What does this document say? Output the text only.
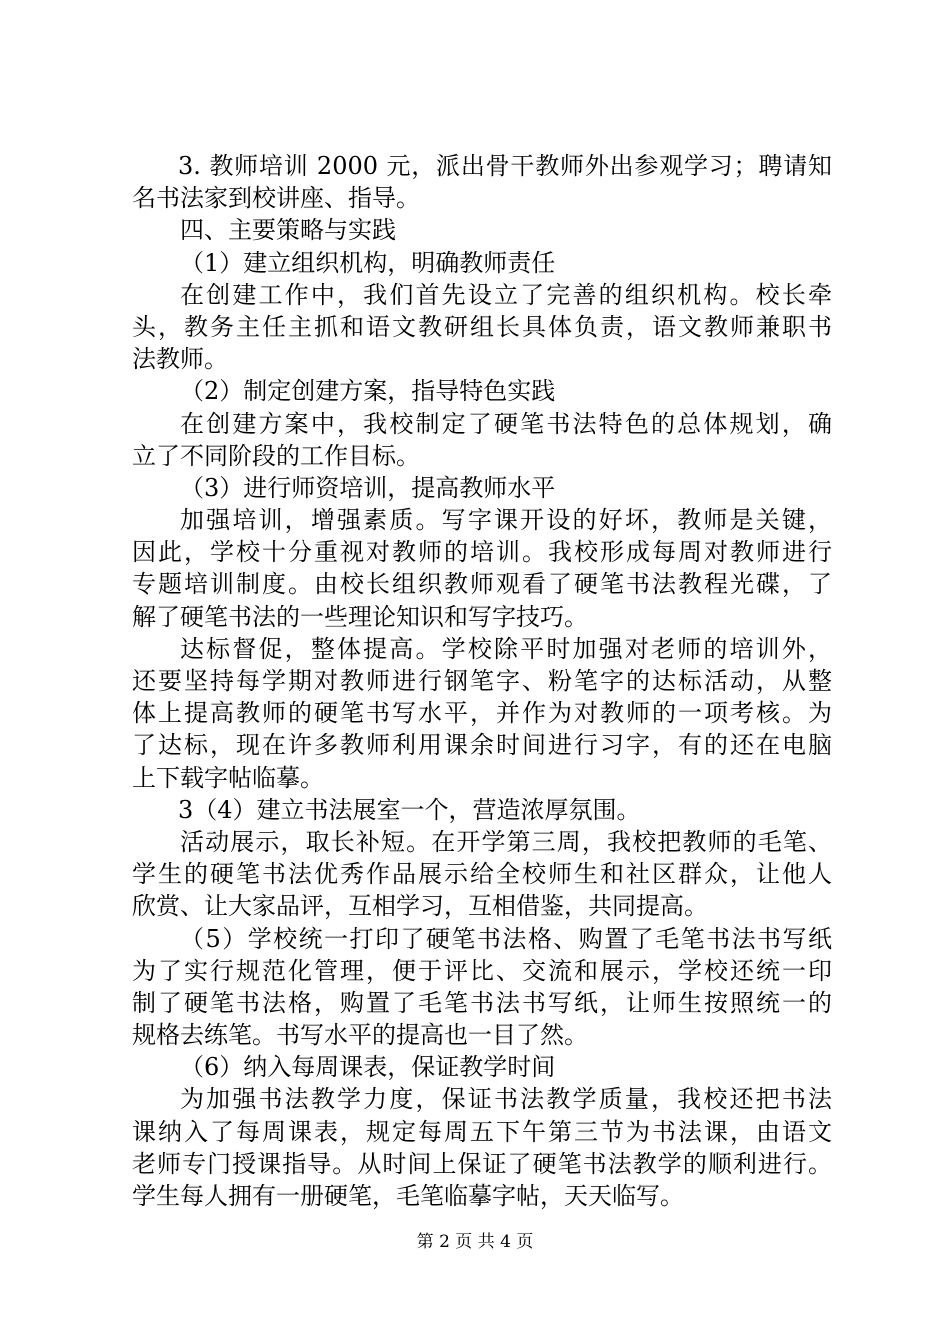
3. 教师培训 2000 元，派出骨干教师外出参观学习；聘请知
名书法家到校讲座、指导。
四、主要策略与实践
（1）建立组织机构，明确教师责任
在创建工作中，我们首先设立了完善的组织机构。校长牵
头，教务主任主抓和语文教研组长具体负责，语文教师兼职书
法教师。
（2）制定创建方案，指导特色实践
在创建方案中，我校制定了硬笔书法特色的总体规划，确
立了不同阶段的工作目标。
（3）进行师资培训，提高教师水平
加强培训，增强素质。写字课开设的好坏，教师是关键，
因此，学校十分重视对教师的培训。我校形成每周对教师进行
专题培训制度。由校长组织教师观看了硬笔书法教程光碟，了
解了硬笔书法的一些理论知识和写字技巧。
达标督促，整体提高。学校除平时加强对老师的培训外，
还要坚持每学期对教师进行钢笔字、粉笔字的达标活动，从整
体上提高教师的硬笔书写水平，并作为对教师的一项考核。为
了达标，现在许多教师利用课余时间进行习字，有的还在电脑
上下载字帖临摹。
3（4）建立书法展室一个，营造浓厚氛围。
活动展示，取长补短。在开学第三周，我校把教师的毛笔、
学生的硬笔书法优秀作品展示给全校师生和社区群众，让他人
欣赏、让大家品评，互相学习，互相借鉴，共同提高。
（5）学校统一打印了硬笔书法格、购置了毛笔书法书写纸
为了实行规范化管理，便于评比、交流和展示，学校还统一印
制了硬笔书法格，购置了毛笔书法书写纸，让师生按照统一的
规格去练笔。书写水平的提高也一目了然。
（6）纳入每周课表，保证教学时间
为加强书法教学力度，保证书法教学质量，我校还把书法
课纳入了每周课表，规定每周五下午第三节为书法课，由语文
老师专门授课指导。从时间上保证了硬笔书法教学的顺利进行。
学生每人拥有一册硬笔，毛笔临摹字帖，天天临写。
第 2 页 共 4 页
